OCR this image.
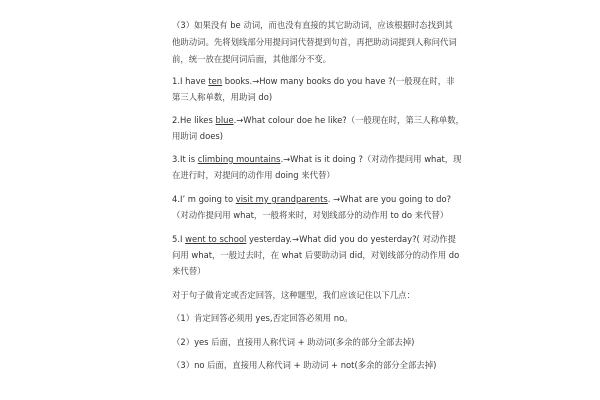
（3）如果没有 be 动词，而也没有直接的其它助动词，应该根据时态找到其
他助动词。先将划线部分用提问词代替提到句首，再把助动词提到人称问代词
前，统一放在提问词后面，其他部分不变。
1.I have ten books.→How many books do you have ?(一般现在时，非
第三人称单数，用助词 do)
2.He likes blue.→What colour doe he like?（一般现在时，第三人称单数，
用助词 does)
3.It is climbing mountains.→What is it doing ?（对动作提问用 what，现
在进行时，对提问的动作用 doing 来代替）
4.I’ m going to visit my grandparents. →What are you going to do?
（对动作提问用 what，一般将来时，对划线部分的动作用 to do 来代替）
5.I went to school yesterday.→What did you do yesterday?( 对动作提
问用 what，一般过去时，在 what 后要助动词 did，对划线部分的动作用 do
来代替）
对于句子做肯定或否定回答，这种题型，我们应该记住以下几点：
（1）肯定回答必须用 yes,否定回答必须用 no。
（2）yes 后面，直接用人称代词 + 助动词(多余的部分全部去掉)
（3）no 后面，直接用人称代词 + 助动词 + not(多余的部分全部去掉)
